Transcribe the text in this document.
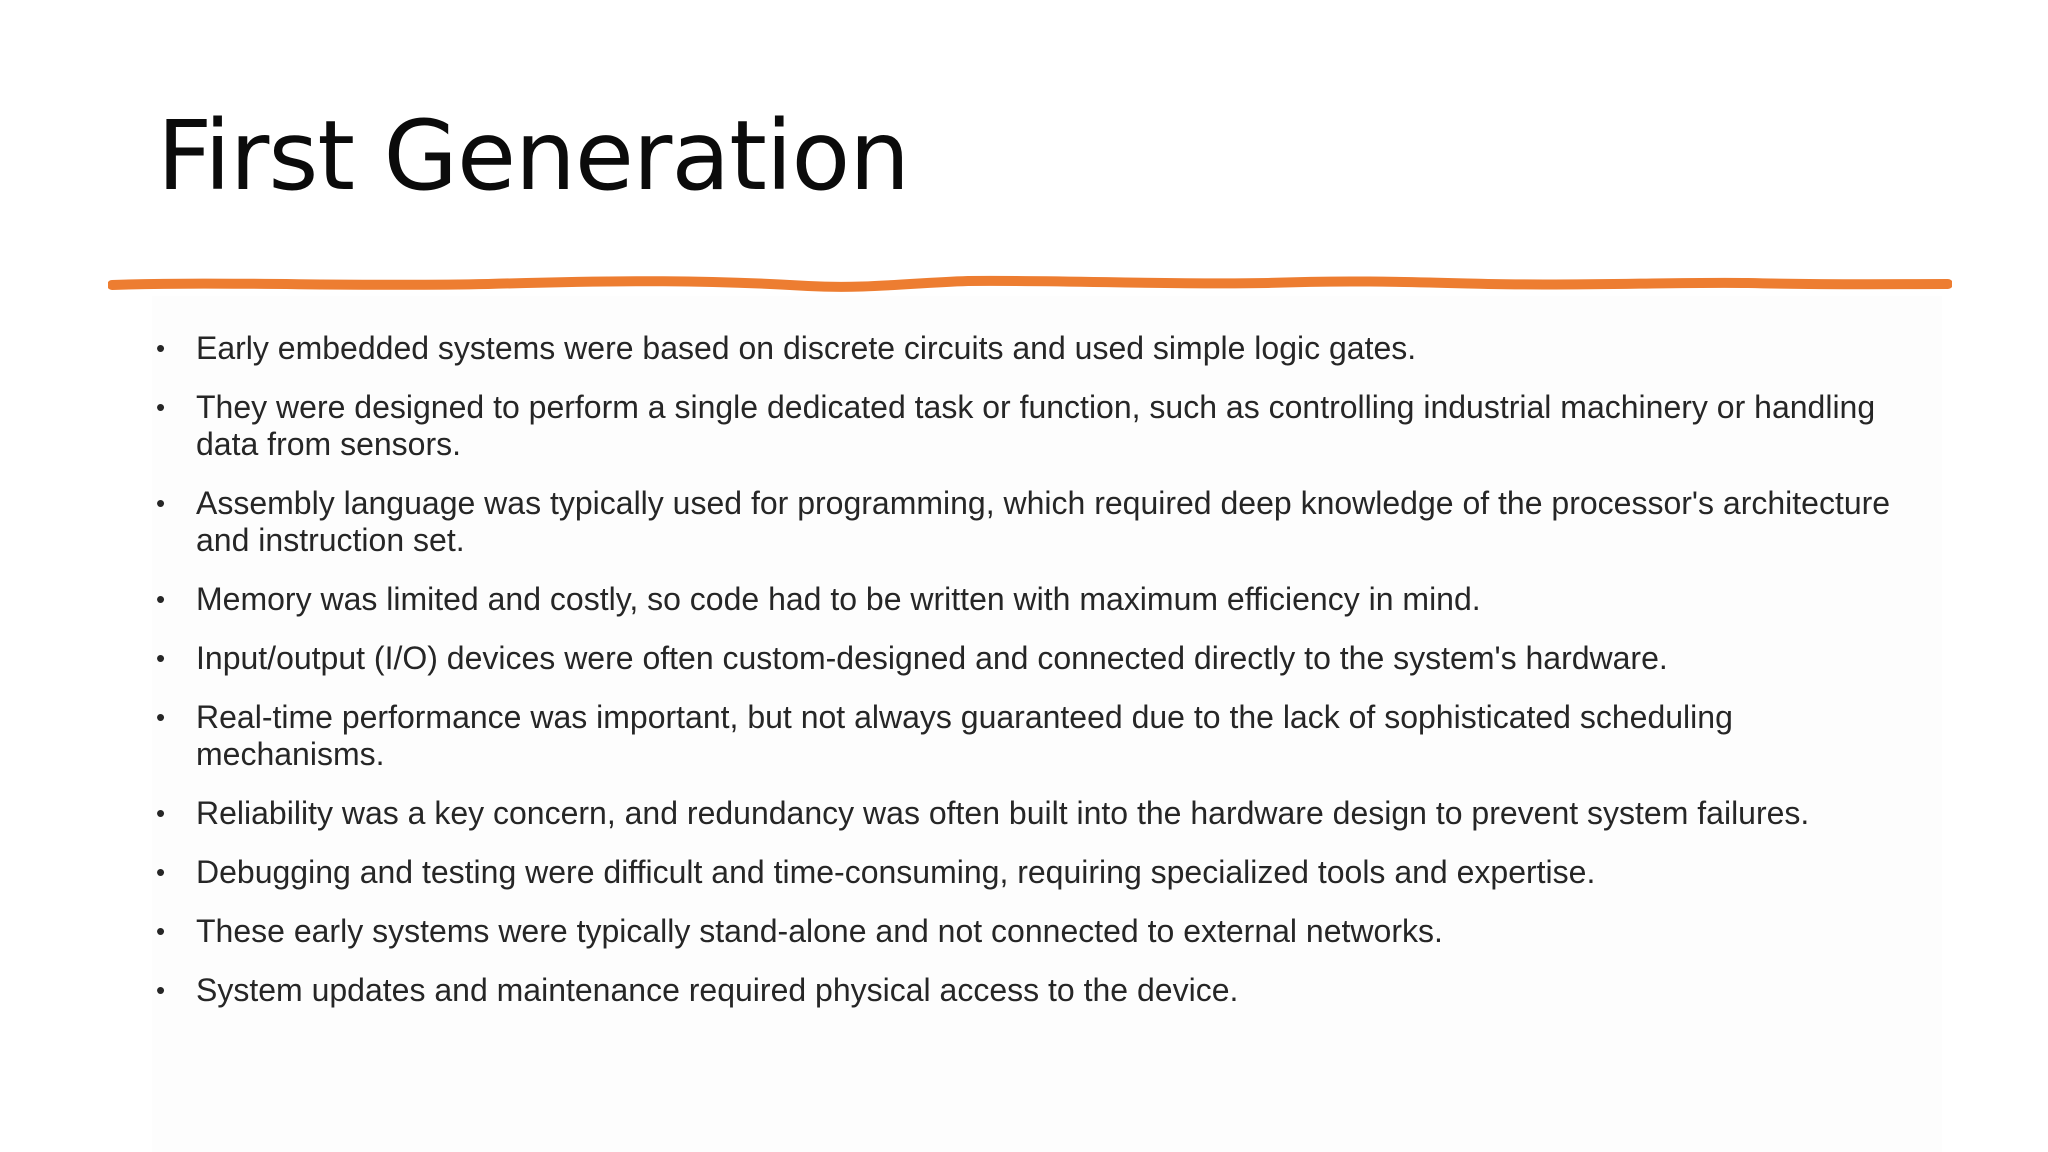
First Generation
• Early embedded systems were based on discrete circuits and used simple logic gates.
• They were designed to perform a single dedicated task or function, such as controlling industrial machinery or handling data from sensors.
• Assembly language was typically used for programming, which required deep knowledge of the processor's architecture and instruction set.
• Memory was limited and costly, so code had to be written with maximum efficiency in mind.
• Input/output (I/O) devices were often custom-designed and connected directly to the system's hardware.
• Real-time performance was important, but not always guaranteed due to the lack of sophisticated scheduling mechanisms.
• Reliability was a key concern, and redundancy was often built into the hardware design to prevent system failures.
• Debugging and testing were difficult and time-consuming, requiring specialized tools and expertise.
• These early systems were typically stand-alone and not connected to external networks.
• System updates and maintenance required physical access to the device.
